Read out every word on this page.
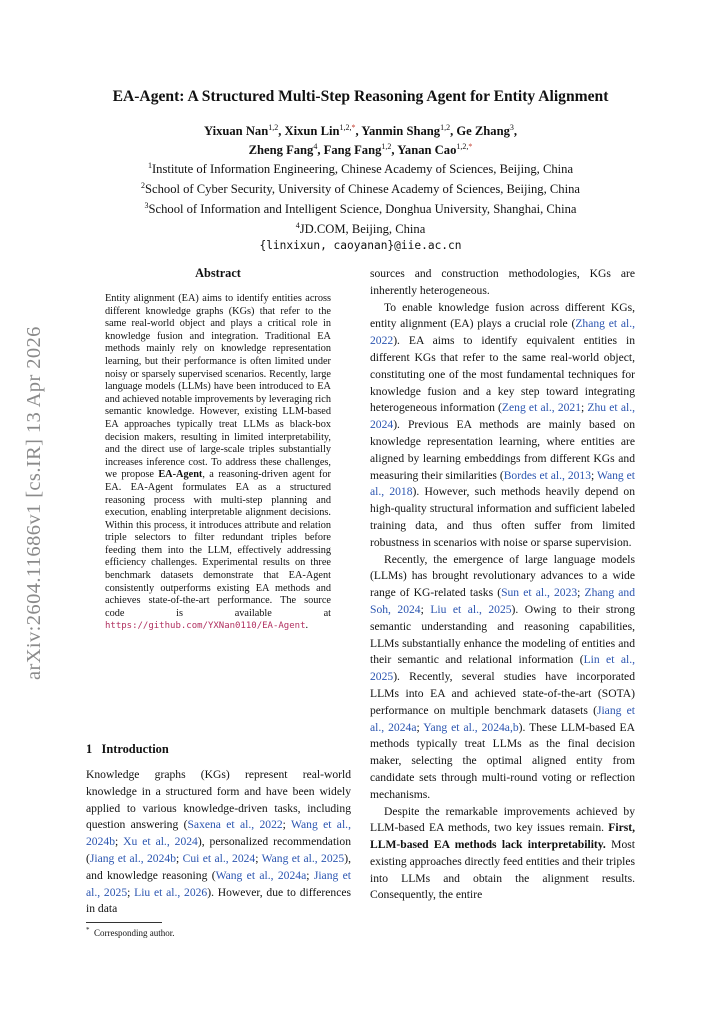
arXiv:2604.11686v1 [cs.IR] 13 Apr 2026
EA-Agent: A Structured Multi-Step Reasoning Agent for Entity Alignment
Yixuan Nan$^{1,2}$, Xixun Lin$^{1,2,*}$, Yanmin Shang$^{1,2}$, Ge Zhang$^3$,
Zheng Fang$^4$, Fang Fang$^{1,2}$, Yanan Cao$^{1,2,*}$
$^1$Institute of Information Engineering, Chinese Academy of Sciences, Beijing, China
$^2$School of Cyber Security, University of Chinese Academy of Sciences, Beijing, China
$^3$School of Information and Intelligent Science, Donghua University, Shanghai, China
$^4$JD.COM, Beijing, China
{linxixun, caoyanan}@iie.ac.cn
Abstract

Entity alignment (EA) aims to identify entities across different knowledge graphs (KGs) that refer to the same real-world object and plays a critical role in knowledge fusion and integration. Traditional EA methods mainly rely on knowledge representation learning, but their performance is often limited under noisy or sparsely supervised scenarios. Recently, large language models (LLMs) have been introduced to EA and achieved notable improvements by leveraging rich semantic knowledge. However, existing LLM-based EA approaches typically treat LLMs as black-box decision makers, resulting in limited interpretability, and the direct use of large-scale triples substantially increases inference cost. To address these challenges, we propose EA-Agent, a reasoning-driven agent for EA. EA-Agent formulates EA as a structured reasoning process with multi-step planning and execution, enabling interpretable alignment decisions. Within this process, it introduces attribute and relation triple selectors to filter redundant triples before feeding them into the LLM, effectively addressing efficiency challenges. Experimental results on three benchmark datasets demonstrate that EA-Agent consistently outperforms existing EA methods and achieves state-of-the-art performance. The source code is available at https://github.com/YXNan0110/EA-Agent.

1 Introduction

Knowledge graphs (KGs) represent real-world knowledge in a structured form and have been widely applied to various knowledge-driven tasks, including question answering (Saxena et al., 2022; Wang et al., 2024b; Xu et al., 2024), personalized recommendation (Jiang et al., 2024b; Cui et al., 2024; Wang et al., 2025), and knowledge reasoning (Wang et al., 2024a; Jiang et al., 2025; Liu et al., 2026). However, due to differences in data

* Corresponding author.

sources and construction methodologies, KGs are inherently heterogeneous.

To enable knowledge fusion across different KGs, entity alignment (EA) plays a crucial role (Zhang et al., 2022). EA aims to identify equivalent entities in different KGs that refer to the same real-world object, constituting one of the most fundamental techniques for knowledge fusion and a key step toward integrating heterogeneous information (Zeng et al., 2021; Zhu et al., 2024). Previous EA methods are mainly based on knowledge representation learning, where entities are aligned by learning embeddings from different KGs and measuring their similarities (Bordes et al., 2013; Wang et al., 2018). However, such methods heavily depend on high-quality structural information and sufficient labeled training data, and thus often suffer from limited robustness in scenarios with noise or sparse supervision.

Recently, the emergence of large language models (LLMs) has brought revolutionary advances to a wide range of KG-related tasks (Sun et al., 2023; Zhang and Soh, 2024; Liu et al., 2025). Owing to their strong semantic understanding and reasoning capabilities, LLMs substantially enhance the modeling of entities and their semantic and relational information (Lin et al., 2025). Recently, several studies have incorporated LLMs into EA and achieved state-of-the-art (SOTA) performance on multiple benchmark datasets (Jiang et al., 2024a; Yang et al., 2024a,b). These LLM-based EA methods typically treat LLMs as the final decision maker, selecting the optimal aligned entity from candidate sets through multi-round voting or reflection mechanisms.

Despite the remarkable improvements achieved by LLM-based EA methods, two key issues remain. First, LLM-based EA methods lack interpretability. Most existing approaches directly feed entities and their triples into LLMs and obtain the alignment results. Consequently, the entire
